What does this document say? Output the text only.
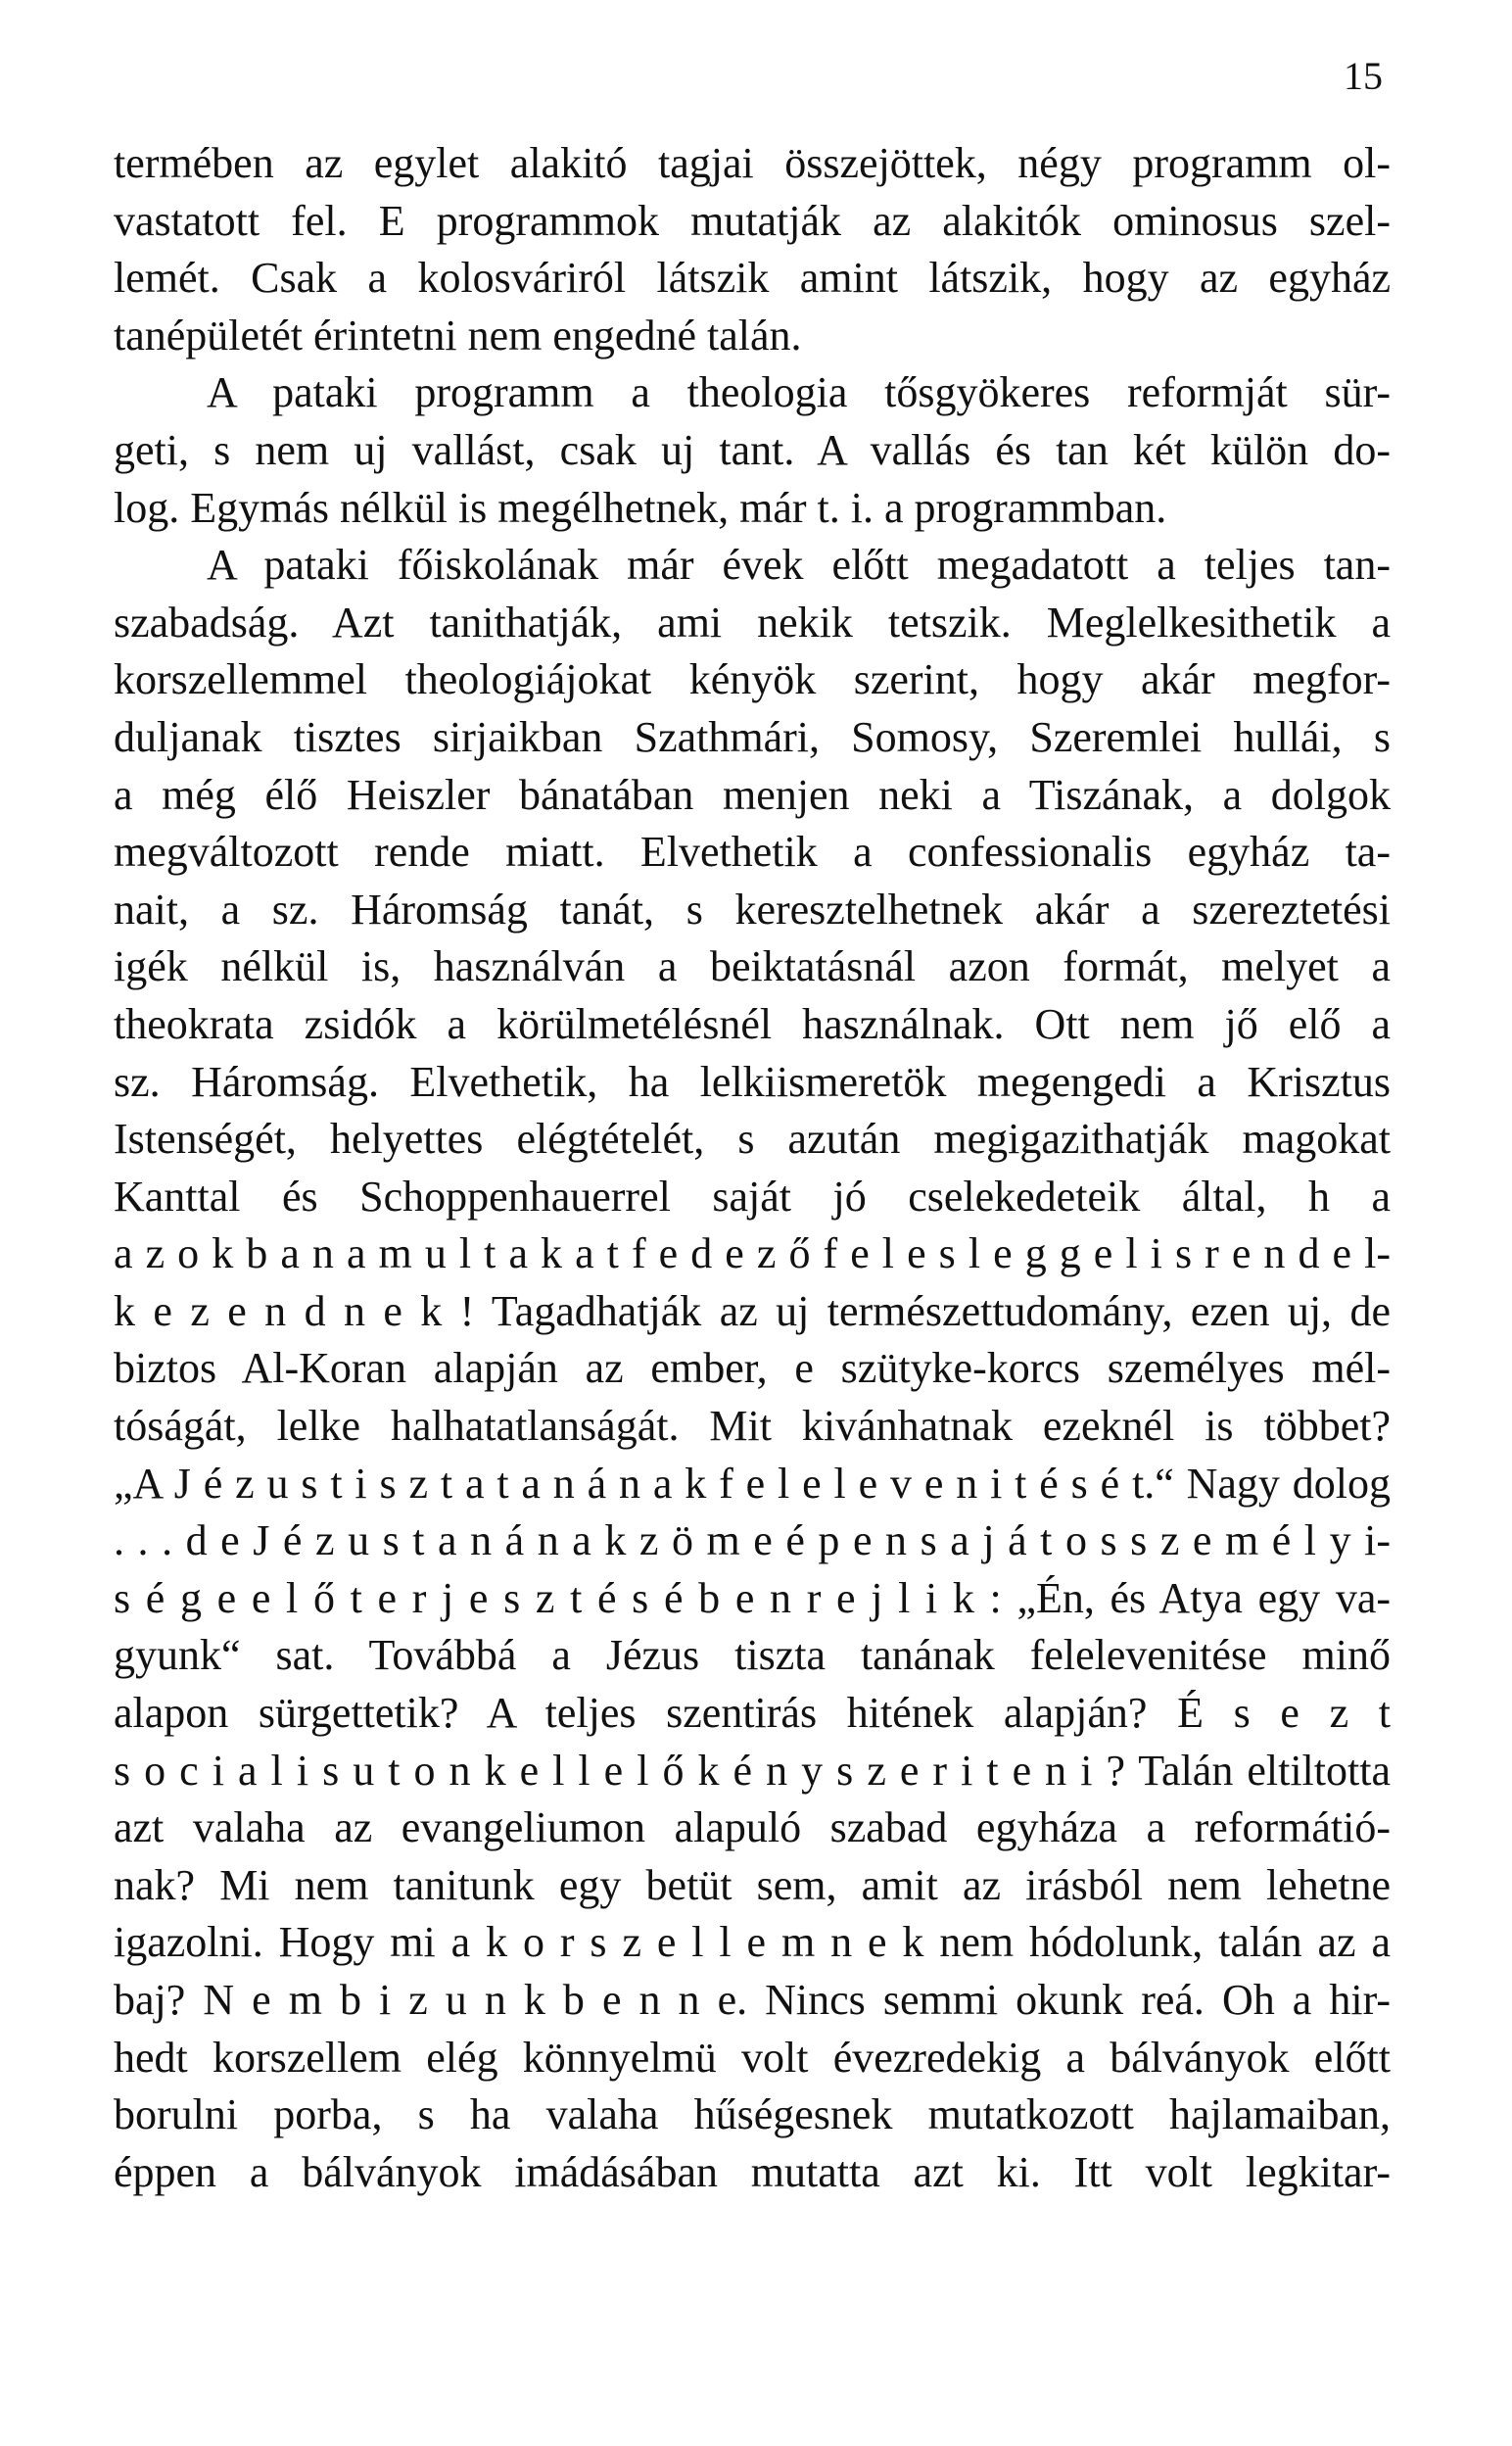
15
termében az egylet alakitó tagjai összejöttek, négy programm ol-
vastatott fel. E programmok mutatják az alakitók ominosus szel-
lemét. Csak a kolosváriról látszik amint látszik, hogy az egyház
tanépületét érintetni nem engedné talán.
A pataki programm a theologia tősgyökeres reformját sür-
geti, s nem uj vallást, csak uj tant. A vallás és tan két külön do-
log. Egymás nélkül is megélhetnek, már t. i. a programmban.
A pataki főiskolának már évek előtt megadatott a teljes tan-
szabadság. Azt tanithatják, ami nekik tetszik. Meglelkesithetik a
korszellemmel theologiájokat kényök szerint, hogy akár megfor-
duljanak tisztes sirjaikban Szathmári, Somosy, Szeremlei hullái, s
a még élő Heiszler bánatában menjen neki a Tiszának, a dolgok
megváltozott rende miatt. Elvethetik a confessionalis egyház ta-
nait, a sz. Háromság tanát, s keresztelhetnek akár a szereztetési
igék nélkül is, használván a beiktatásnál azon formát, melyet a
theokrata zsidók a körülmetélésnél használnak. Ott nem jő elő a
sz. Háromság. Elvethetik, ha lelkiismeretök megengedi a Krisztus
Istenségét, helyettes elégtételét, s azután megigazithatják magokat
Kanttal és Schoppenhauerrel saját jó cselekedeteik által, h a
a z o k b a n a m u l t a k a t f e d e z ő f e l e s l e g g e l i s r e n d e l-
k e z e n d n e k ! Tagadhatják az uj természettudomány, ezen uj, de
biztos Al-Koran alapján az ember, e szütyke-korcs személyes mél-
tóságát, lelke halhatatlanságát. Mit kivánhatnak ezeknél is többet?
„A J é z u s t i s z t a t a n á n a k f e l e l e v e n i t é s é t.“ Nagy dolog
. . . d e J é z u s t a n á n a k z ö m e é p e n s a j á t o s s z e m é l y i-
s é g e e l ő t e r j e s z t é s é b e n r e j l i k : „Én, és Atya egy va-
gyunk“ sat. Továbbá a Jézus tiszta tanának felelevenitése minő
alapon sürgettetik? A teljes szentirás hitének alapján? É s e z t
s o c i a l i s u t o n k e l l e l ő k é n y s z e r i t e n i ? Talán eltiltotta
azt valaha az evangeliumon alapuló szabad egyháza a reformátió-
nak? Mi nem tanitunk egy betüt sem, amit az irásból nem lehetne
igazolni. Hogy mi a k o r s z e l l e m n e k nem hódolunk, talán az a
baj? N e m b i z u n k b e n n e. Nincs semmi okunk reá. Oh a hir-
hedt korszellem elég könnyelmü volt évezredekig a bálványok előtt
borulni porba, s ha valaha hűségesnek mutatkozott hajlamaiban,
éppen a bálványok imádásában mutatta azt ki. Itt volt legkitar-
